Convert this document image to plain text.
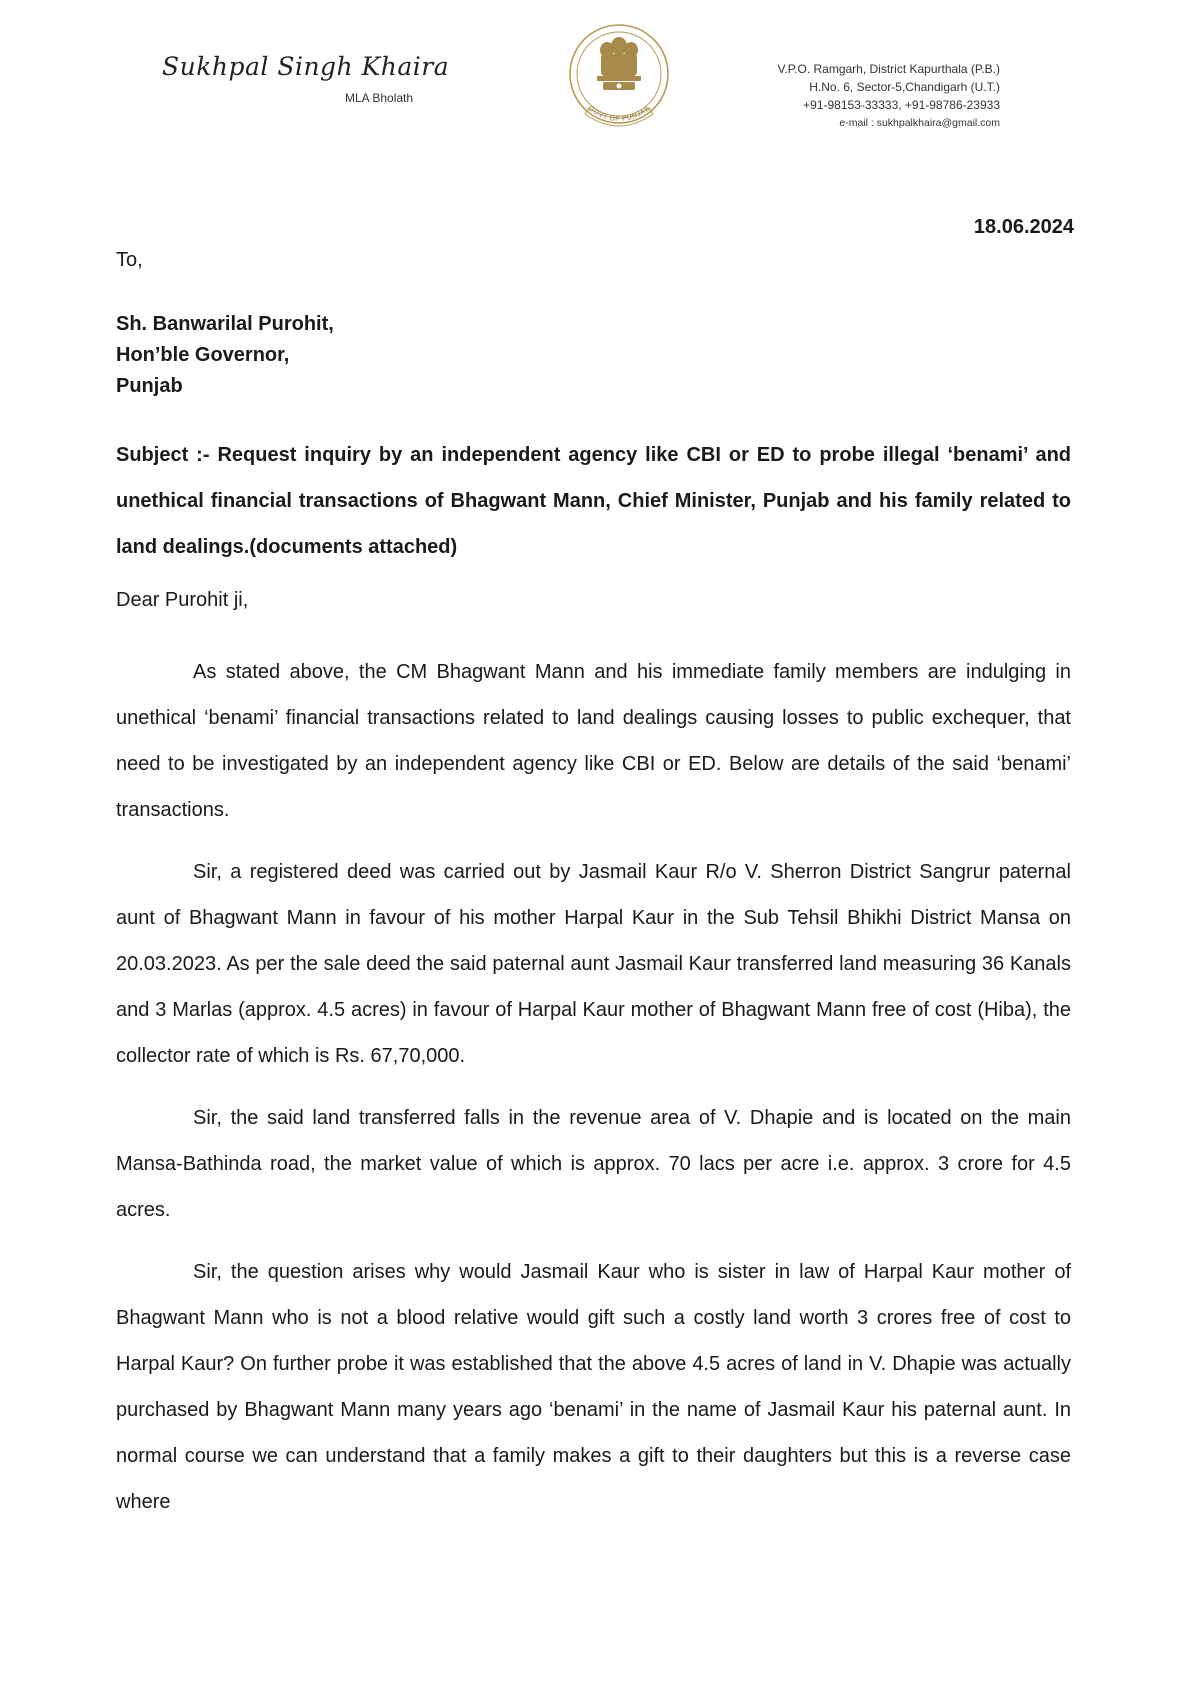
Sukhpal Singh Khaira
MLA Bholath
GOVT OF PUNJAB
V.P.O. Ramgarh, District Kapurthala (P.B.)
H.No. 6, Sector-5,Chandigarh (U.T.)
+91-98153-33333, +91-98786-23933
e-mail : sukhpalkhaira@gmail.com
18.06.2024
To,
Sh. Banwarilal Purohit,
Hon’ble Governor,
Punjab
Subject :- Request inquiry by an independent agency like CBI or ED to probe illegal ‘benami’ and unethical financial transactions of Bhagwant Mann, Chief Minister, Punjab and his family related to land dealings.(documents attached)
Dear Purohit ji,

As stated above, the CM Bhagwant Mann and his immediate family members are indulging in unethical ‘benami’ financial transactions related to land dealings causing losses to public exchequer, that need to be investigated by an independent agency like CBI or ED. Below are details of the said ‘benami’ transactions.

Sir, a registered deed was carried out by Jasmail Kaur R/o V. Sherron District Sangrur paternal aunt of Bhagwant Mann in favour of his mother Harpal Kaur in the Sub Tehsil Bhikhi District Mansa on 20.03.2023. As per the sale deed the said paternal aunt Jasmail Kaur transferred land measuring 36 Kanals and 3 Marlas (approx. 4.5 acres) in favour of Harpal Kaur mother of Bhagwant Mann free of cost (Hiba), the collector rate of which is Rs. 67,70,000.

Sir, the said land transferred falls in the revenue area of V. Dhapie and is located on the main Mansa-Bathinda road, the market value of which is approx. 70 lacs per acre i.e. approx. 3 crore for 4.5 acres.

Sir, the question arises why would Jasmail Kaur who is sister in law of Harpal Kaur mother of Bhagwant Mann who is not a blood relative would gift such a costly land worth 3 crores free of cost to Harpal Kaur? On further probe it was established that the above 4.5 acres of land in V. Dhapie was actually purchased by Bhagwant Mann many years ago ‘benami’ in the name of Jasmail Kaur his paternal aunt. In normal course we can understand that a family makes a gift to their daughters but this is a reverse case where
